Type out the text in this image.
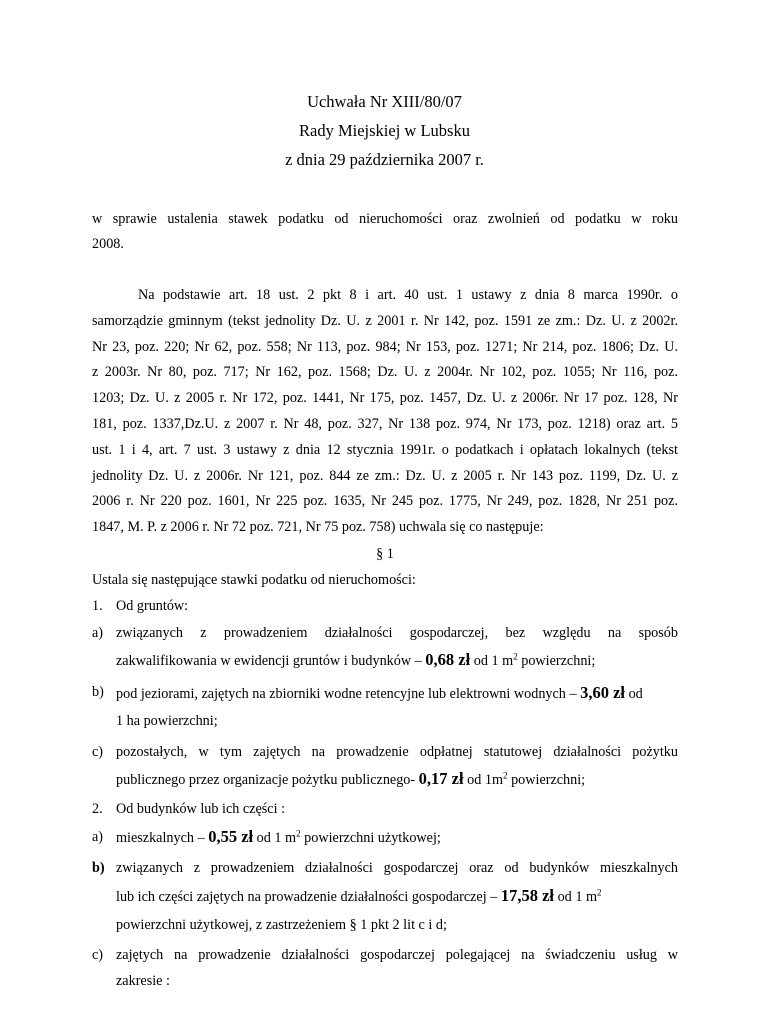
Uchwała Nr XIII/80/07
Rady Miejskiej w Lubsku
z dnia 29 października 2007 r.
w sprawie ustalenia stawek podatku od nieruchomości oraz zwolnień od podatku w roku
2008.
Na podstawie art. 18 ust. 2 pkt 8 i art. 40 ust. 1 ustawy z dnia 8 marca 1990r. o
samorządzie gminnym (tekst jednolity Dz. U. z 2001 r. Nr 142, poz. 1591 ze zm.: Dz. U. z 2002r.
Nr 23, poz. 220; Nr 62, poz. 558; Nr 113, poz. 984; Nr 153, poz. 1271; Nr 214, poz. 1806; Dz. U.
z 2003r. Nr 80, poz. 717; Nr 162, poz. 1568; Dz. U. z 2004r. Nr 102, poz. 1055; Nr 116, poz.
1203; Dz. U. z 2005 r. Nr 172, poz. 1441, Nr 175, poz. 1457, Dz. U. z 2006r. Nr 17 poz. 128, Nr
181, poz. 1337,Dz.U. z 2007 r. Nr 48, poz. 327, Nr 138 poz. 974, Nr 173, poz. 1218) oraz art. 5
ust. 1 i 4, art. 7 ust. 3 ustawy z dnia 12 stycznia 1991r. o podatkach i opłatach lokalnych (tekst
jednolity Dz. U. z 2006r. Nr 121, poz. 844 ze zm.: Dz. U. z 2005 r. Nr 143 poz. 1199, Dz. U. z
2006 r. Nr 220 poz. 1601, Nr 225 poz. 1635, Nr 245 poz. 1775, Nr 249, poz. 1828, Nr 251 poz.
1847, M. P. z 2006 r. Nr 72 poz. 721, Nr 75 poz. 758) uchwala się co następuje:
§ 1
Ustala się następujące stawki podatku od nieruchomości:
1. Od gruntów:
a) związanych z prowadzeniem działalności gospodarczej, bez względu na sposób
zakwalifikowania w ewidencji gruntów i budynków – 0,68 zł od 1 $m^2$ powierzchni;
b) pod jeziorami, zajętych na zbiorniki wodne retencyjne lub elektrowni wodnych – 3,60 zł od
1 ha powierzchni;
c) pozostałych, w tym zajętych na prowadzenie odpłatnej statutowej działalności pożytku
publicznego przez organizacje pożytku publicznego- 0,17 zł od $1m^2$ powierzchni;
2. Od budynków lub ich części :
a) mieszkalnych – 0,55 zł od 1 $m^2$ powierzchni użytkowej;
b) związanych z prowadzeniem działalności gospodarczej oraz od budynków mieszkalnych
lub ich części zajętych na prowadzenie działalności gospodarczej – 17,58 zł od 1 $m^2$
powierzchni użytkowej, z zastrzeżeniem § 1 pkt 2 lit c i d;
c) zajętych na prowadzenie działalności gospodarczej polegającej na świadczeniu usług w
zakresie :
